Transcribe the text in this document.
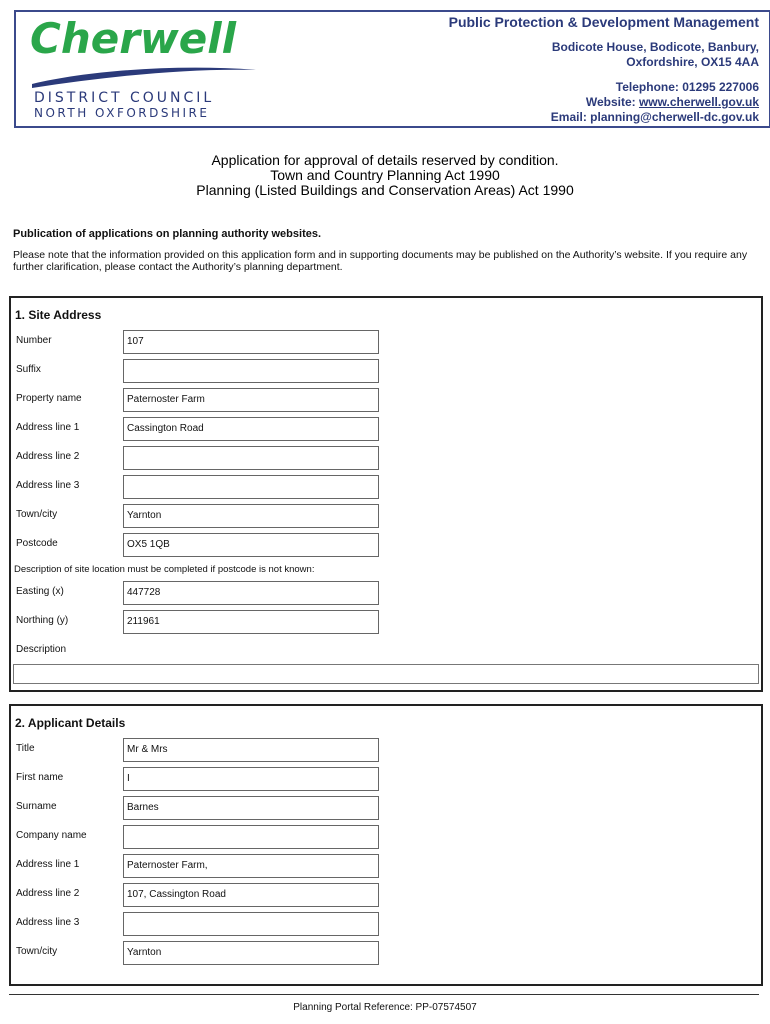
Cherwell
DISTRICT COUNCIL
NORTH OXFORDSHIRE
Public Protection & Development Management
Bodicote House, Bodicote, Banbury,
Oxfordshire, OX15 4AA
Telephone: 01295 227006
Website: www.cherwell.gov.uk
Email: planning@cherwell-dc.gov.uk
Application for approval of details reserved by condition.
Town and Country Planning Act 1990
Planning (Listed Buildings and Conservation Areas) Act 1990
Publication of applications on planning authority websites.
Please note that the information provided on this application form and in supporting documents may be published on the Authority’s website. If you require any further clarification, please contact the Authority’s planning department.
1. Site Address
Number	107
Suffix
Property name	Paternoster Farm
Address line 1	Cassington Road
Address line 2
Address line 3
Town/city	Yarnton
Postcode	OX5 1QB
Description of site location must be completed if postcode is not known:
Easting (x)	447728
Northing (y)	211961
Description
2. Applicant Details
Title	Mr & Mrs
First name	I
Surname	Barnes
Company name
Address line 1	Paternoster Farm,
Address line 2	107, Cassington Road
Address line 3
Town/city	Yarnton
Planning Portal Reference: PP-07574507
